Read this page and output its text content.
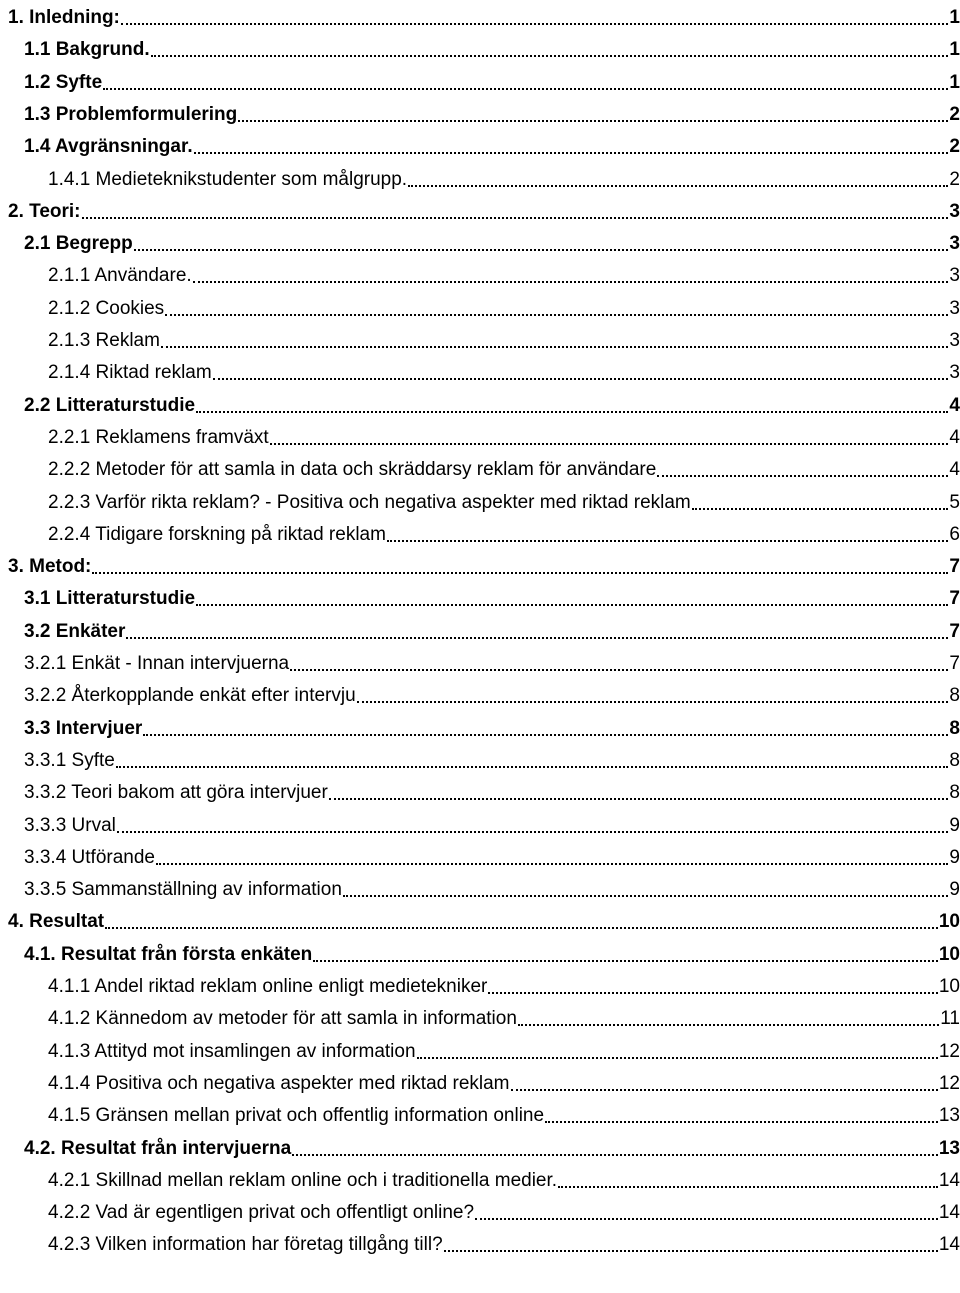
1. Inledning:	1
1.1 Bakgrund.	1
1.2 Syfte	1
1.3 Problemformulering	2
1.4 Avgränsningar.	2
1.4.1 Medieteknikstudenter som målgrupp.	2
2. Teori:	3
2.1 Begrepp	3
2.1.1 Användare.	3
2.1.2 Cookies	3
2.1.3 Reklam	3
2.1.4 Riktad reklam	3
2.2 Litteraturstudie	4
2.2.1 Reklamens framväxt	4
2.2.2 Metoder för att samla in data och skräddarsy reklam för användare	4
2.2.3 Varför rikta reklam? - Positiva och negativa aspekter med riktad reklam	5
2.2.4 Tidigare forskning på riktad reklam	6
3. Metod:	7
3.1 Litteraturstudie	7
3.2 Enkäter	7
3.2.1 Enkät - Innan intervjuerna	7
3.2.2 Återkopplande enkät efter intervju	8
3.3 Intervjuer	8
3.3.1 Syfte	8
3.3.2 Teori bakom att göra intervjuer	8
3.3.3 Urval	9
3.3.4 Utförande	9
3.3.5 Sammanställning av information	9
4. Resultat	10
4.1. Resultat från första enkäten	10
4.1.1 Andel riktad reklam online enligt medietekniker	10
4.1.2 Kännedom av metoder för att samla in information	11
4.1.3 Attityd mot insamlingen av information	12
4.1.4 Positiva och negativa aspekter med riktad reklam	12
4.1.5 Gränsen mellan privat och offentlig information online	13
4.2. Resultat från intervjuerna	13
4.2.1 Skillnad mellan reklam online och i traditionella medier.	14
4.2.2 Vad är egentligen privat och offentligt online?	14
4.2.3 Vilken information har företag tillgång till?	14
